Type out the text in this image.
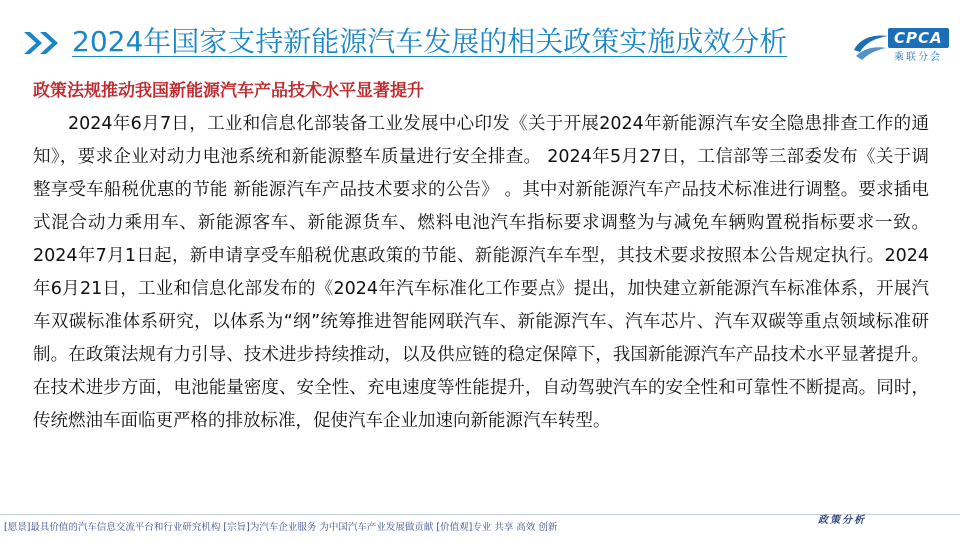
2024年国家支持新能源汽车发展的相关政策实施成效分析	CPCA
乘联分会
政策法规推动我国新能源汽车产品技术水平显著提升

2024年6月7日，工业和信息化部装备工业发展中心印发《关于开展2024年新能源汽车安全隐患排查工作的通知》，要求企业对动力电池系统和新能源整车质量进行安全排查。 2024年5月27日，工信部等三部委发布《关于调整享受车船税优惠的节能 新能源汽车产品技术要求的公告》 。其中对新能源汽车产品技术标准进行调整。要求插电式混合动力乘用车、新能源客车、新能源货车、燃料电池汽车指标要求调整为与减免车辆购置税指标要求一致。2024年7月1日起，新申请享受车船税优惠政策的节能、新能源汽车车型，其技术要求按照本公告规定执行。2024年6月21日，工业和信息化部发布的《2024年汽车标准化工作要点》提出，加快建立新能源汽车标准体系，开展汽车双碳标准体系研究，以体系为“纲”统筹推进智能网联汽车、新能源汽车、汽车芯片、汽车双碳等重点领域标准研制。在政策法规有力引导、技术进步持续推动，以及供应链的稳定保障下，我国新能源汽车产品技术水平显著提升。在技术进步方面，电池能量密度、安全性、充电速度等性能提升，自动驾驶汽车的安全性和可靠性不断提高。同时，传统燃油车面临更严格的排放标准，促使汽车企业加速向新能源汽车转型。

[愿景]最具价值的汽车信息交流平台和行业研究机构 [宗旨]为汽车企业服务 为中国汽车产业发展做贡献 [价值观]专业 共享 高效 创新
政策分析
